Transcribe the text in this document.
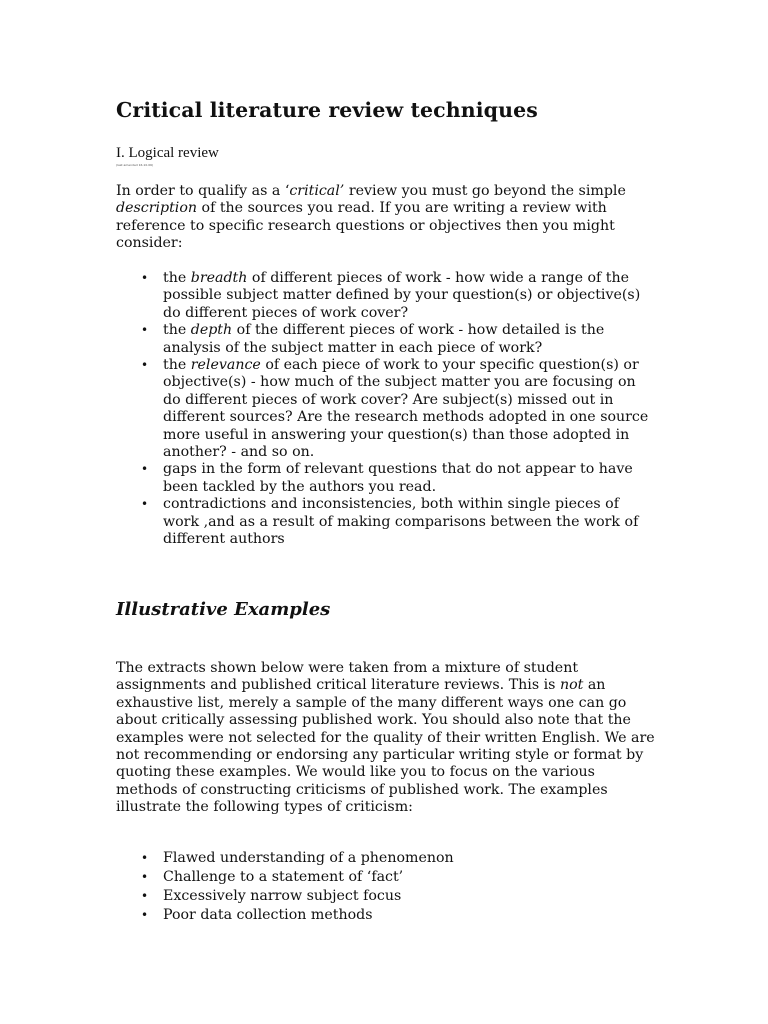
Critical literature review techniques
I. Logical review
(last amended 16.10.06)

In order to qualify as a ‘critical’ review you must go beyond the simple description of the sources you read. If you are writing a review with reference to specific research questions or objectives then you might consider:

• the breadth of different pieces of work - how wide a range of the possible subject matter defined by your question(s) or objective(s) do different pieces of work cover?
• the depth of the different pieces of work - how detailed is the analysis of the subject matter in each piece of work?
• the relevance of each piece of work to your specific question(s) or objective(s) - how much of the subject matter you are focusing on do different pieces of work cover? Are subject(s) missed out in different sources? Are the research methods adopted in one source more useful in answering your question(s) than those adopted in another? - and so on.
• gaps in the form of relevant questions that do not appear to have been tackled by the authors you read.
• contradictions and inconsistencies, both within single pieces of work ,and as a result of making comparisons between the work of different authors
Illustrative Examples

The extracts shown below were taken from a mixture of student assignments and published critical literature reviews. This is not an exhaustive list, merely a sample of the many different ways one can go about critically assessing published work. You should also note that the examples were not selected for the quality of their written English. We are not recommending or endorsing any particular writing style or format by quoting these examples. We would like you to focus on the various methods of constructing criticisms of published work. The examples illustrate the following types of criticism:

• Flawed understanding of a phenomenon
• Challenge to a statement of ‘fact’
• Excessively narrow subject focus
• Poor data collection methods
